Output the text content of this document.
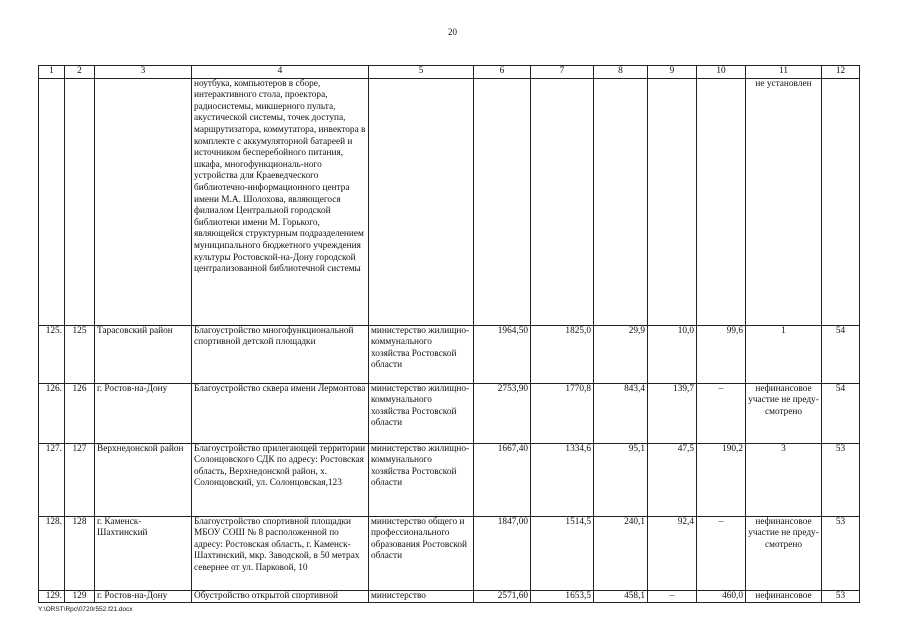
20
1	2	3	4	5	6	7	8	9	10	11	12
			ноутбука, компьютеров в сборе, интерактивного стола, проектора, радиосистемы, микшерного пульта, акустической системы, точек доступа, маршрутизатора, коммутатора, инвектора в комплекте с аккумуляторной батареей и источником бесперебойного питания, шкафа, многофункциональ-ного устройства для Краеведческого библиотечно-информационного центра имени М.А. Шолохова, являющегося филиалом Центральной городской библиотеки имени М. Горького, являющейся структурным подразделением муниципального бюджетного учреждения культуры Ростовской-на-Дону городской централизованной библиотечной системы							не установлен	
125.	125	Тарасовский район	Благоустройство многофункциональной спортивной детской площадки	министерство жилищно-коммунального хозяйства Ростовской области	1964,50	1825,0	29,9	10,0	99,6	1	54
126.	126	г. Ростов-на-Дону	Благоустройство сквера имени Лермонтова	министерство жилищно-коммунального хозяйства Ростовской области	2753,90	1770,8	843,4	139,7	–	нефинансовое участие не преду-смотрено	54
127.	127	Верхнедонской район	Благоустройство прилегающей территории Солонцовского СДК по адресу: Ростовская область, Верхнедонской район, х. Солонцовский, ул. Солонцовская,123	министерство жилищно-коммунального хозяйства Ростовской области	1667,40	1334,6	95,1	47,5	190,2	3	53
128.	128	г. Каменск-Шахтинский	Благоустройство спортивной площадки МБОУ СОШ № 8 расположенной по адресу: Ростовская область, г. Каменск-Шахтинский, мкр. Заводской, в 50 метрах севернее от ул. Парковой, 10	министерство общего и профессионального образования Ростовской области	1847,00	1514,5	240,1	92,4	–	нефинансовое участие не преду-смотрено	53
129.	129	г. Ростов-на-Дону	Обустройство открытой спортивной	министерство	2571,60	1653,5	458,1	–	460,0	нефинансовое	53
Y:\ORST\Rpc\0720r552.f21.docx
